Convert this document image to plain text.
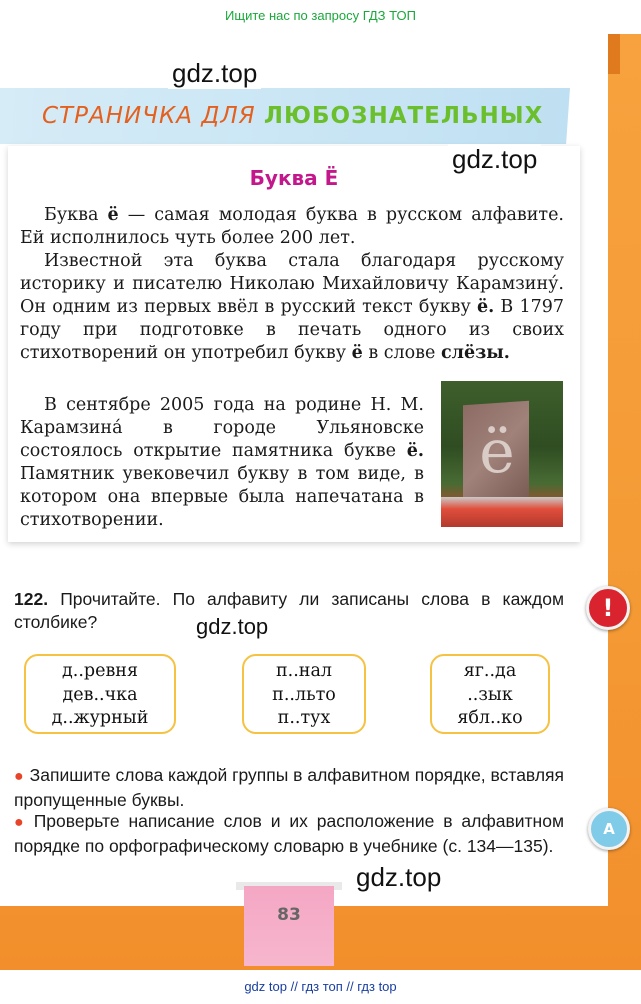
Ищите нас по запросу ГДЗ ТОП
СТРАНИЧКА ДЛЯ ЛЮБОЗНАТЕЛЬНЫХ
Буква Ё

Буква ё — самая молодая буква в русском алфавите. Ей исполнилось чуть более 200 лет.

Известной эта буква стала благодаря русскому историку и писателю Николаю Михайловичу Карамзину́. Он одним из первых ввёл в русский текст букву ё. В 1797 году при подготовке в печать одного из своих стихотворений он употребил букву ё в слове слёзы.

В сентябре 2005 года на родине Н. М. Карамзина́ в городе Ульяновске состоялось открытие памятника букве ё. Памятник увековечил букву в том виде, в котором она впервые была напечатана в стихотворении.

ё
122. Прочитайте. По алфавиту ли записаны слова в каждом столбике?	!
д..ревня
дев..чка
д..журный
п..нал
п..льто
п..тух
яг..да
..зык
ябл..ко
● Запишите слова каждой группы в алфавитном порядке, вставляя пропущенные буквы.
● Проверьте написание слов и их расположение в алфавитном порядке по орфографическому словарю в учебнике (с. 134—135).
А
83
gdz.top
gdz.top
gdz.top
gdz.top
gdz top // гдз топ // гдз top
